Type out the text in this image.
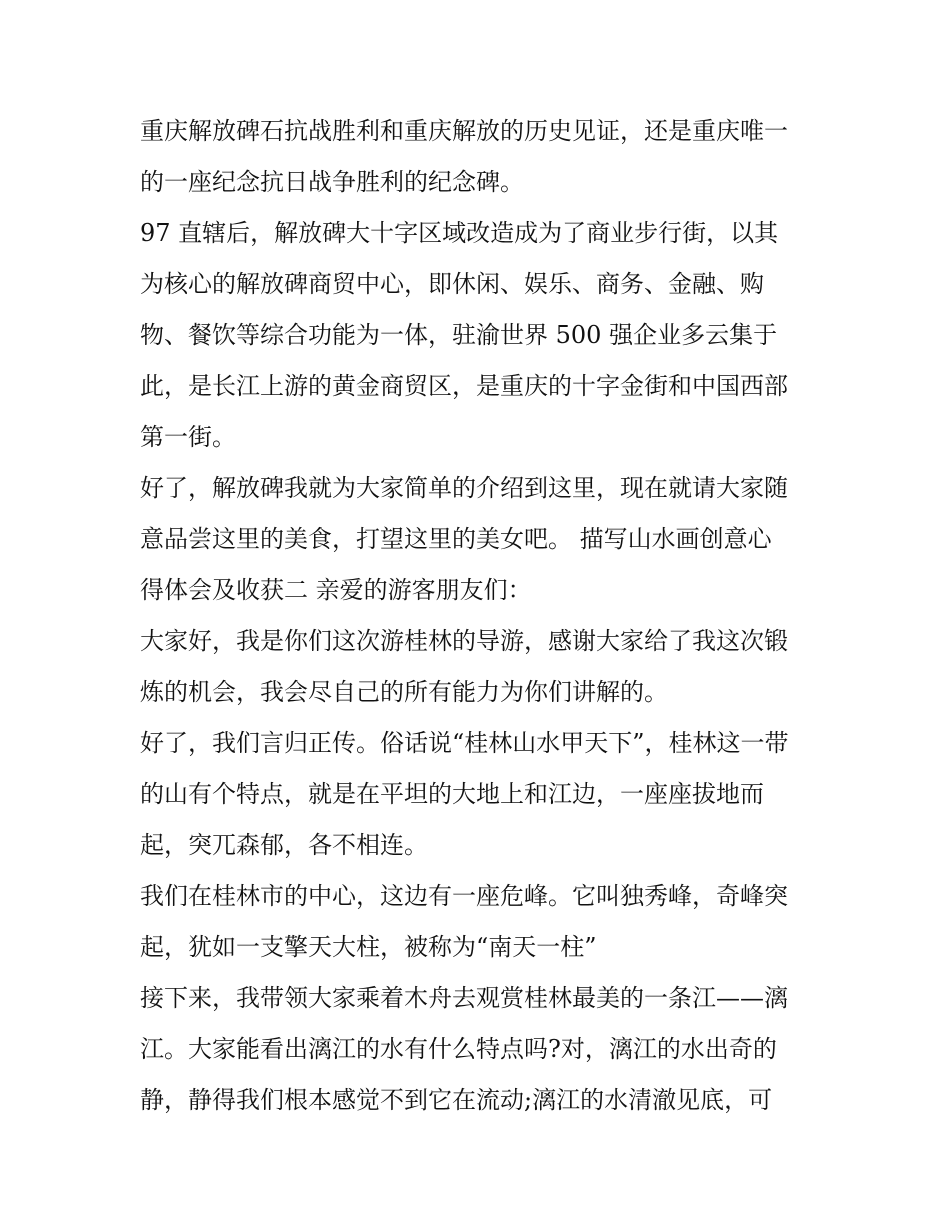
重庆解放碑石抗战胜利和重庆解放的历史见证，还是重庆唯一
的一座纪念抗日战争胜利的纪念碑。
97 直辖后，解放碑大十字区域改造成为了商业步行街，以其
为核心的解放碑商贸中心，即休闲、娱乐、商务、金融、购
物、餐饮等综合功能为一体，驻渝世界 500 强企业多云集于
此，是长江上游的黄金商贸区，是重庆的十字金街和中国西部
第一街。
好了，解放碑我就为大家简单的介绍到这里，现在就请大家随
意品尝这里的美食，打望这里的美女吧。 描写山水画创意心
得体会及收获二 亲爱的游客朋友们：
大家好，我是你们这次游桂林的导游，感谢大家给了我这次锻
炼的机会，我会尽自己的所有能力为你们讲解的。
好了，我们言归正传。俗话说“桂林山水甲天下”，桂林这一带
的山有个特点，就是在平坦的大地上和江边，一座座拔地而
起，突兀森郁，各不相连。
我们在桂林市的中心，这边有一座危峰。它叫独秀峰，奇峰突
起，犹如一支擎天大柱，被称为“南天一柱”
接下来，我带领大家乘着木舟去观赏桂林最美的一条江——漓
江。大家能看出漓江的水有什么特点吗?对，漓江的水出奇的
静，静得我们根本感觉不到它在流动;漓江的水清澈见底，可
